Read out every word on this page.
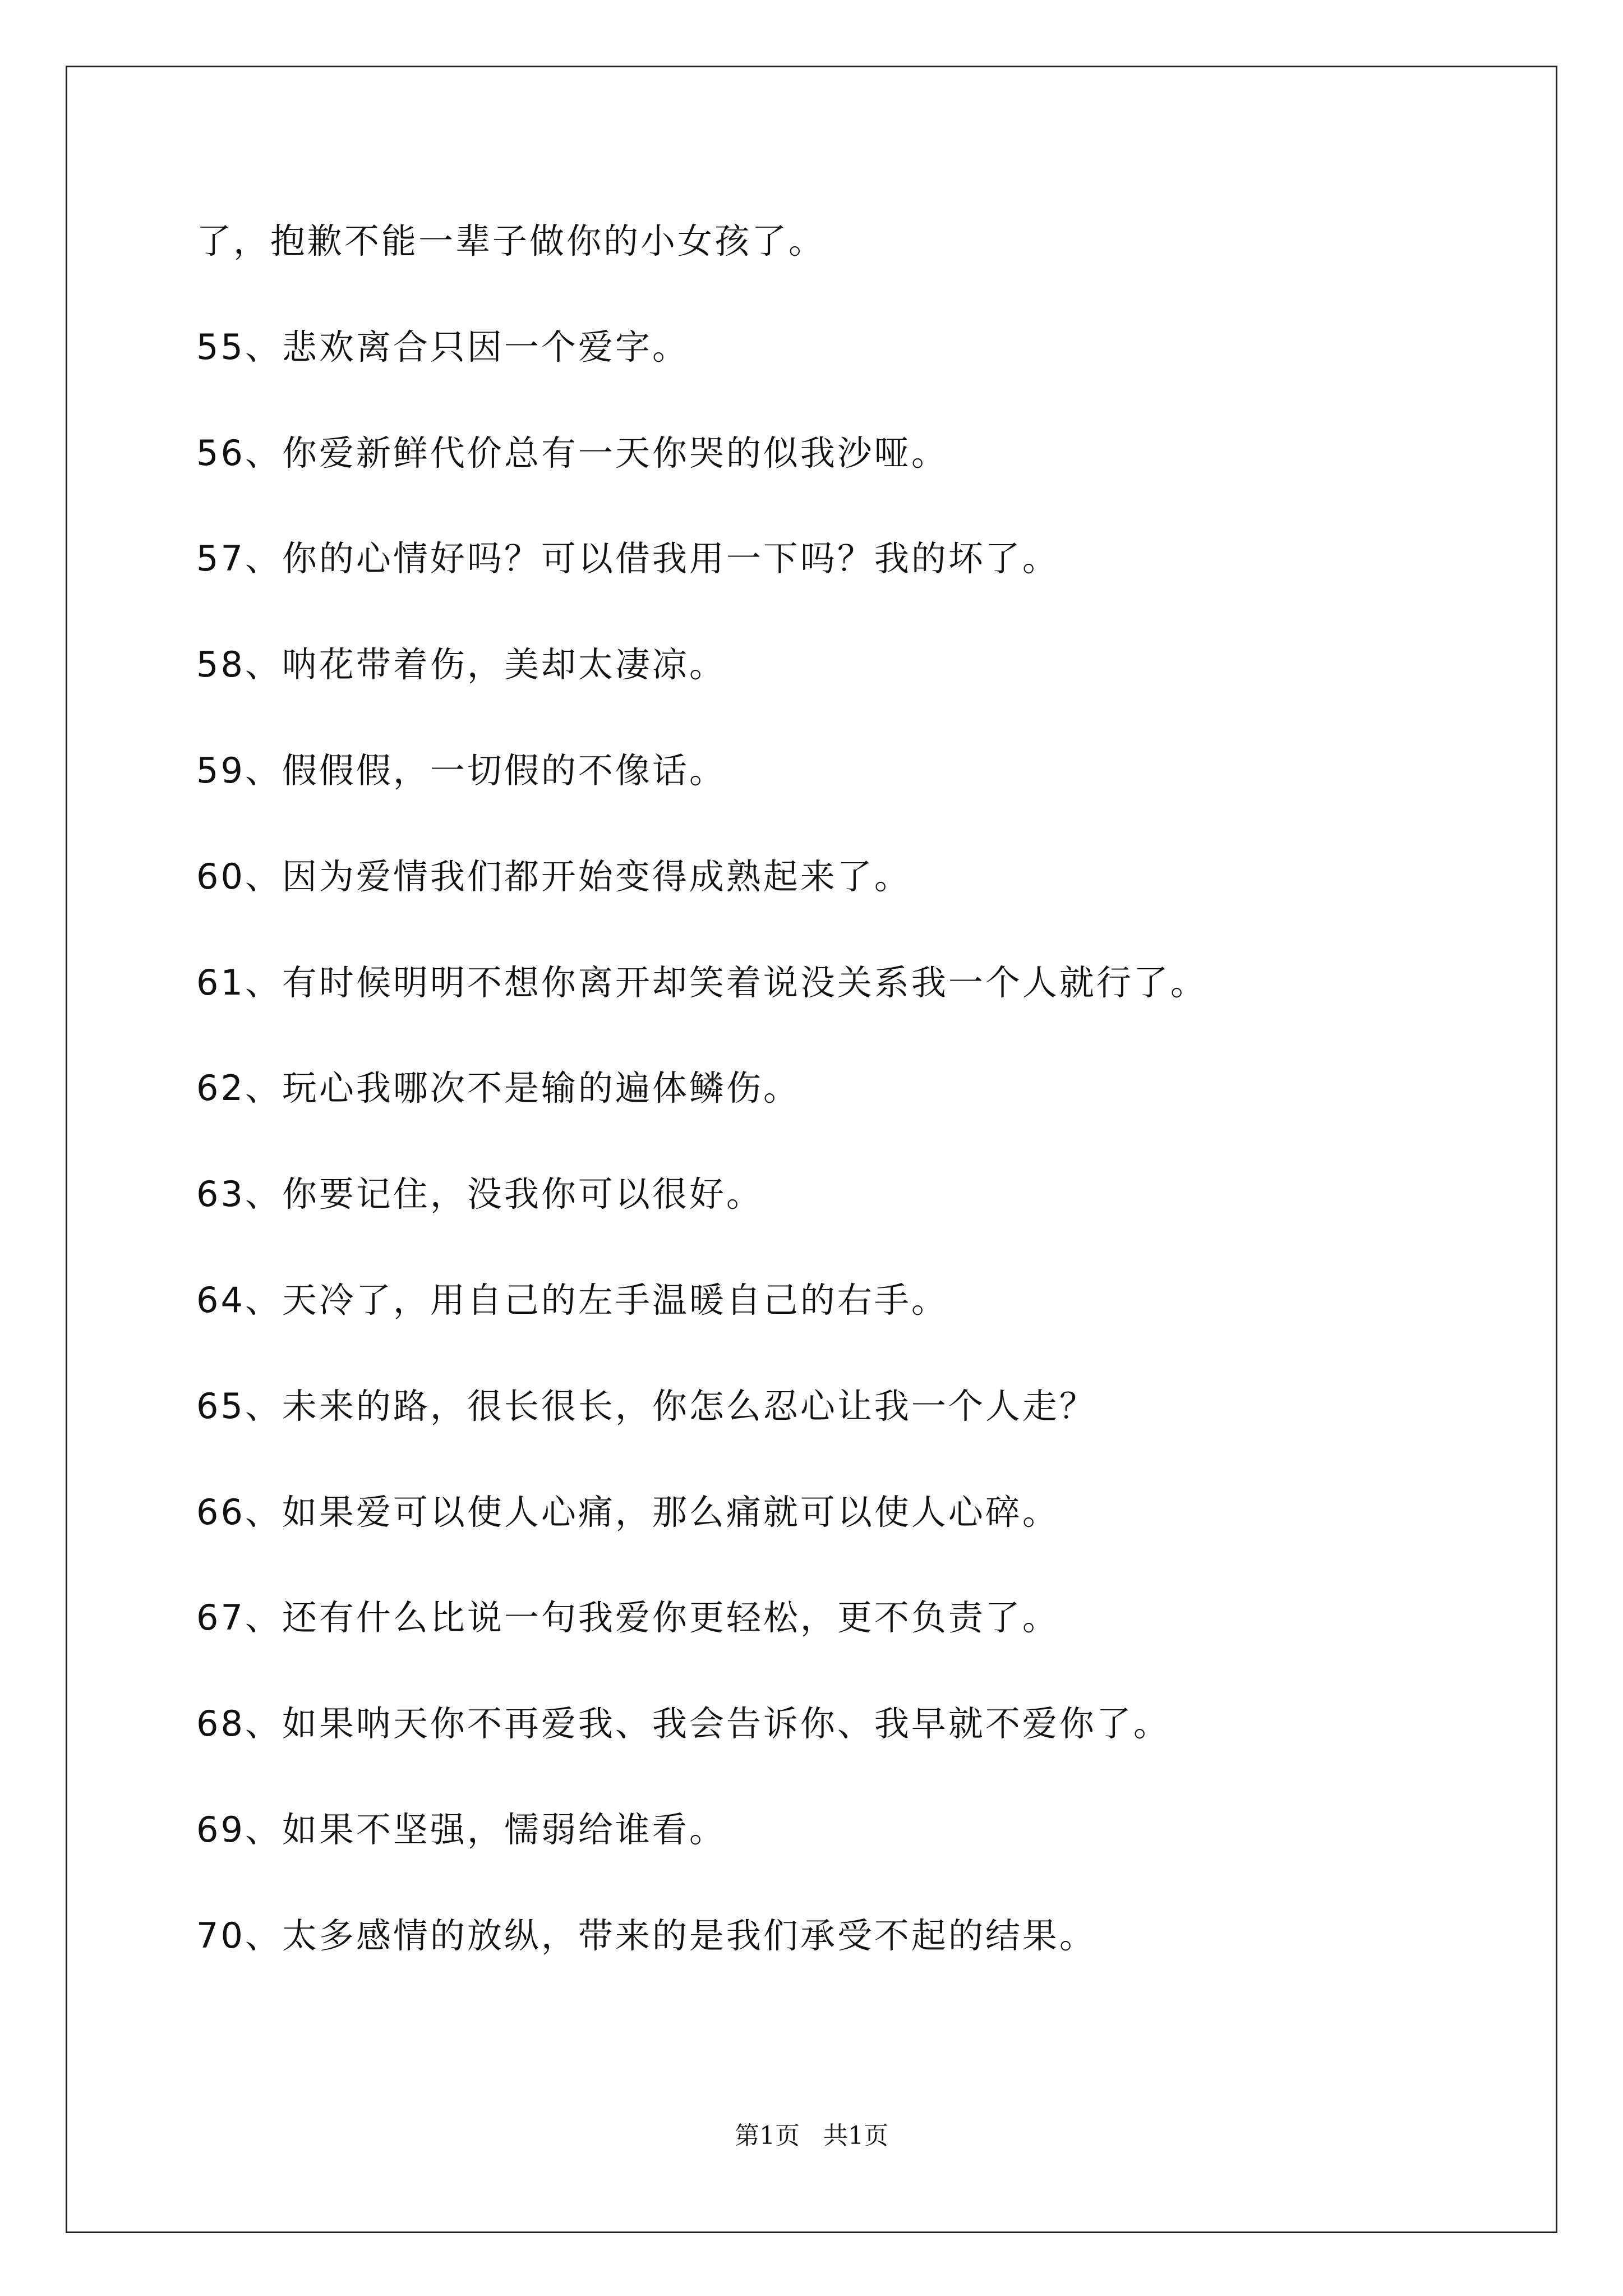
了，抱歉不能一辈子做你的小女孩了。
55、悲欢离合只因一个爱字。
56、你爱新鲜代价总有一天你哭的似我沙哑。
57、你的心情好吗？可以借我用一下吗？我的坏了。
58、呐花带着伤，美却太凄凉。
59、假假假，一切假的不像话。
60、因为爱情我们都开始变得成熟起来了。
61、有时候明明不想你离开却笑着说没关系我一个人就行了。
62、玩心我哪次不是输的遍体鳞伤。
63、你要记住，没我你可以很好。
64、天冷了，用自己的左手温暖自己的右手。
65、未来的路，很长很长，你怎么忍心让我一个人走？
66、如果爱可以使人心痛，那么痛就可以使人心碎。
67、还有什么比说一句我爱你更轻松，更不负责了。
68、如果呐天你不再爱我、我会告诉你、我早就不爱你了。
69、如果不坚强，懦弱给谁看。
70、太多感情的放纵，带来的是我们承受不起的结果。
第1页 共1页
